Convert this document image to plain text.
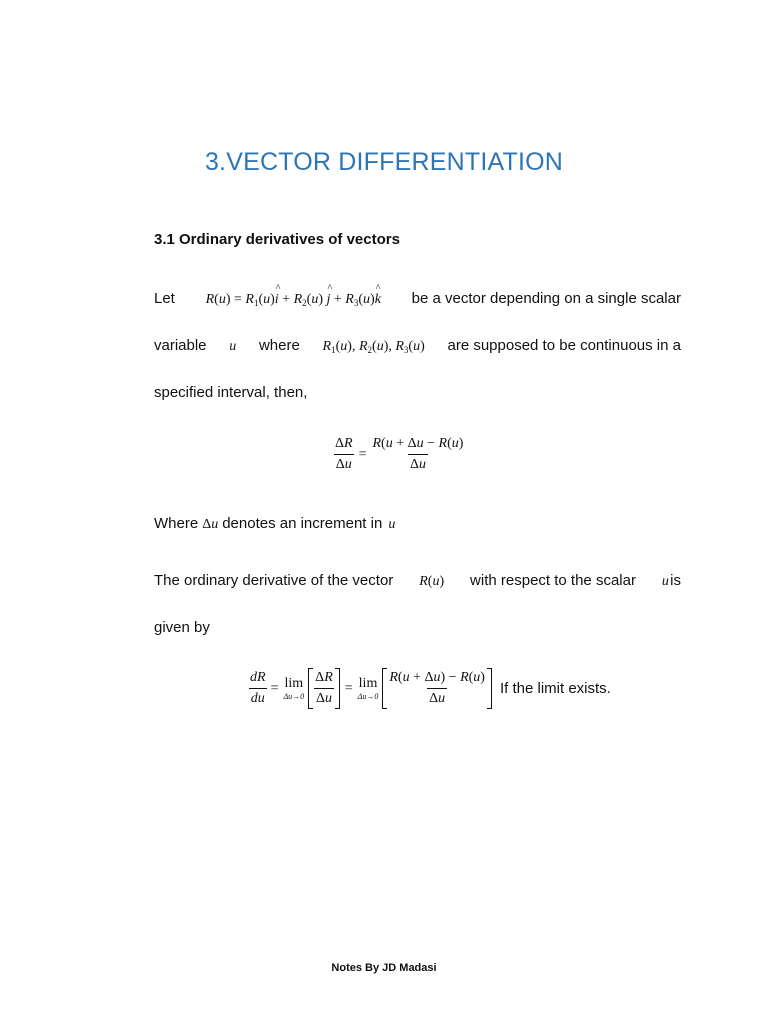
3.VECTOR DIFFERENTIATION
3.1 Ordinary derivatives of vectors
Let $R(u) = R_1(u)\^{}$ $i + R_2(u)$ ^ $j + R_3(u)\^{}$ k be a vector depending on a single scalar
variable u where $R_1(u)$, $R_2(u)$, $R_3(u)$ are supposed to be continuous in a
specified interval, then,
$\frac{\Delta R}{\Delta u} = \frac{R(u + \Delta u - R(u)}{\Delta u}$
Where Δu denotes an increment in u
The ordinary derivative of the vector R(u) with respect to the scalar u is
given by
$\frac{dR}{du} = \lim$
$\Delta u\to 0 \frac{\Delta R}{\Delta u} = \lim$
$\Delta u\to 0 \frac{R(u + \Delta u) - R(u)}{\Delta u}$ If the limit exists.
Notes By JD Madasi
